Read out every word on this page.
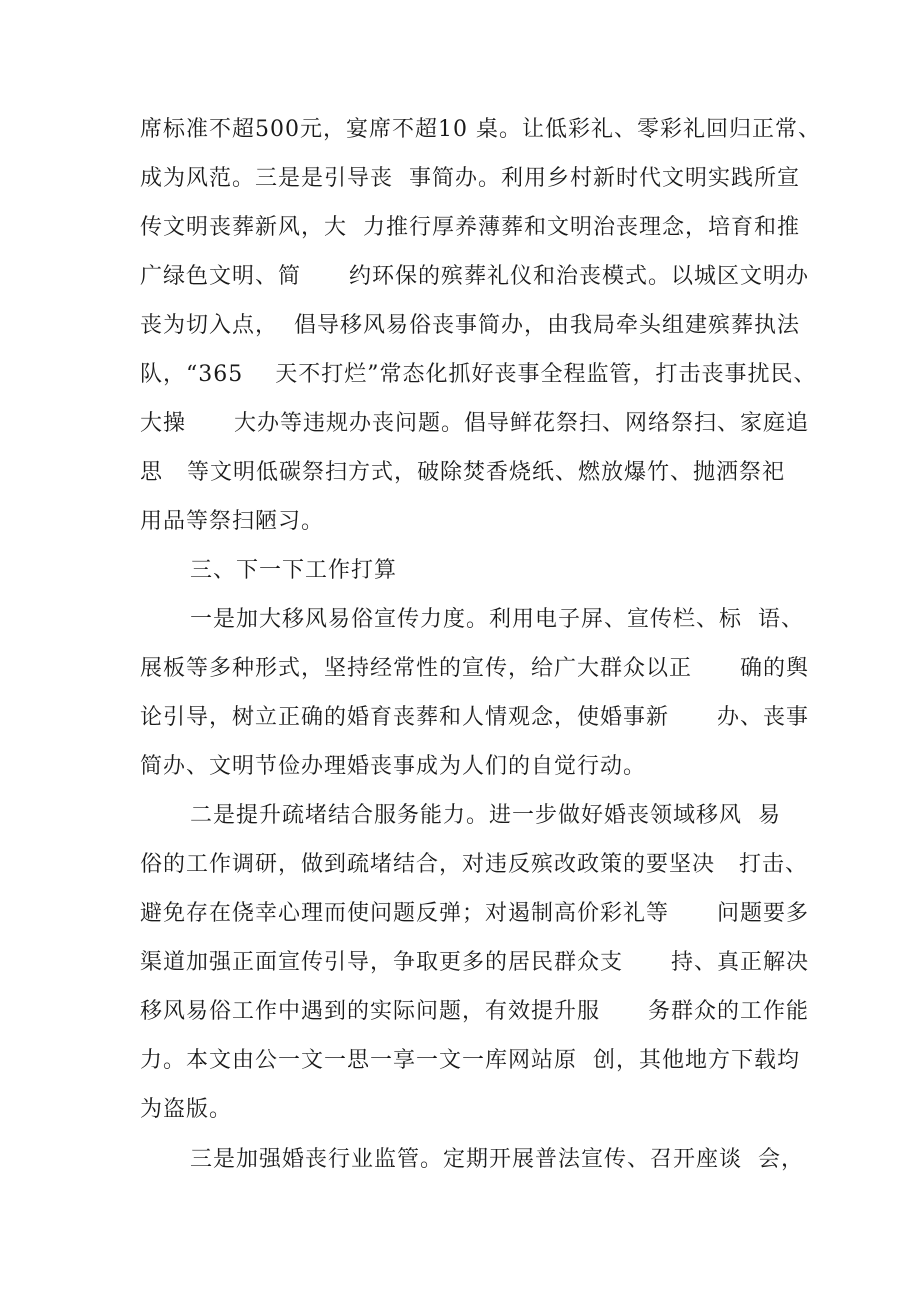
席标准不超500元，宴席不超10 桌。让低彩礼、零彩礼回归正常、
成为风范。三是是引导丧  事简办。利用乡村新时代文明实践所宣
传文明丧葬新风，大  力推行厚养薄葬和文明治丧理念，培育和推
广绿色文明、简      约环保的殡葬礼仪和治丧模式。以城区文明办
丧为切入点，  倡导移风易俗丧事简办，由我局牵头组建殡葬执法
队，“365    天不打烂”常态化抓好丧事全程监管，打击丧事扰民、
大操      大办等违规办丧问题。倡导鲜花祭扫、网络祭扫、家庭追
思   等文明低碳祭扫方式，破除焚香烧纸、燃放爆竹、抛洒祭祀
用品等祭扫陋习。
三、下一下工作打算
一是加大移风易俗宣传力度。利用电子屏、宣传栏、标  语、
展板等多种形式，坚持经常性的宣传，给广大群众以正      确的舆
论引导，树立正确的婚育丧葬和人情观念，使婚事新      办、丧事
简办、文明节俭办理婚丧事成为人们的自觉行动。
二是提升疏堵结合服务能力。进一步做好婚丧领域移风  易
俗的工作调研，做到疏堵结合，对违反殡改政策的要坚决   打击、
避免存在侥幸心理而使问题反弹；对遏制高价彩礼等      问题要多
渠道加强正面宣传引导，争取更多的居民群众支      持、真正解决
移风易俗工作中遇到的实际问题，有效提升服      务群众的工作能
力。本文由公一文一思一享一文一库网站原  创，其他地方下载均
为盗版。
三是加强婚丧行业监管。定期开展普法宣传、召开座谈  会，
